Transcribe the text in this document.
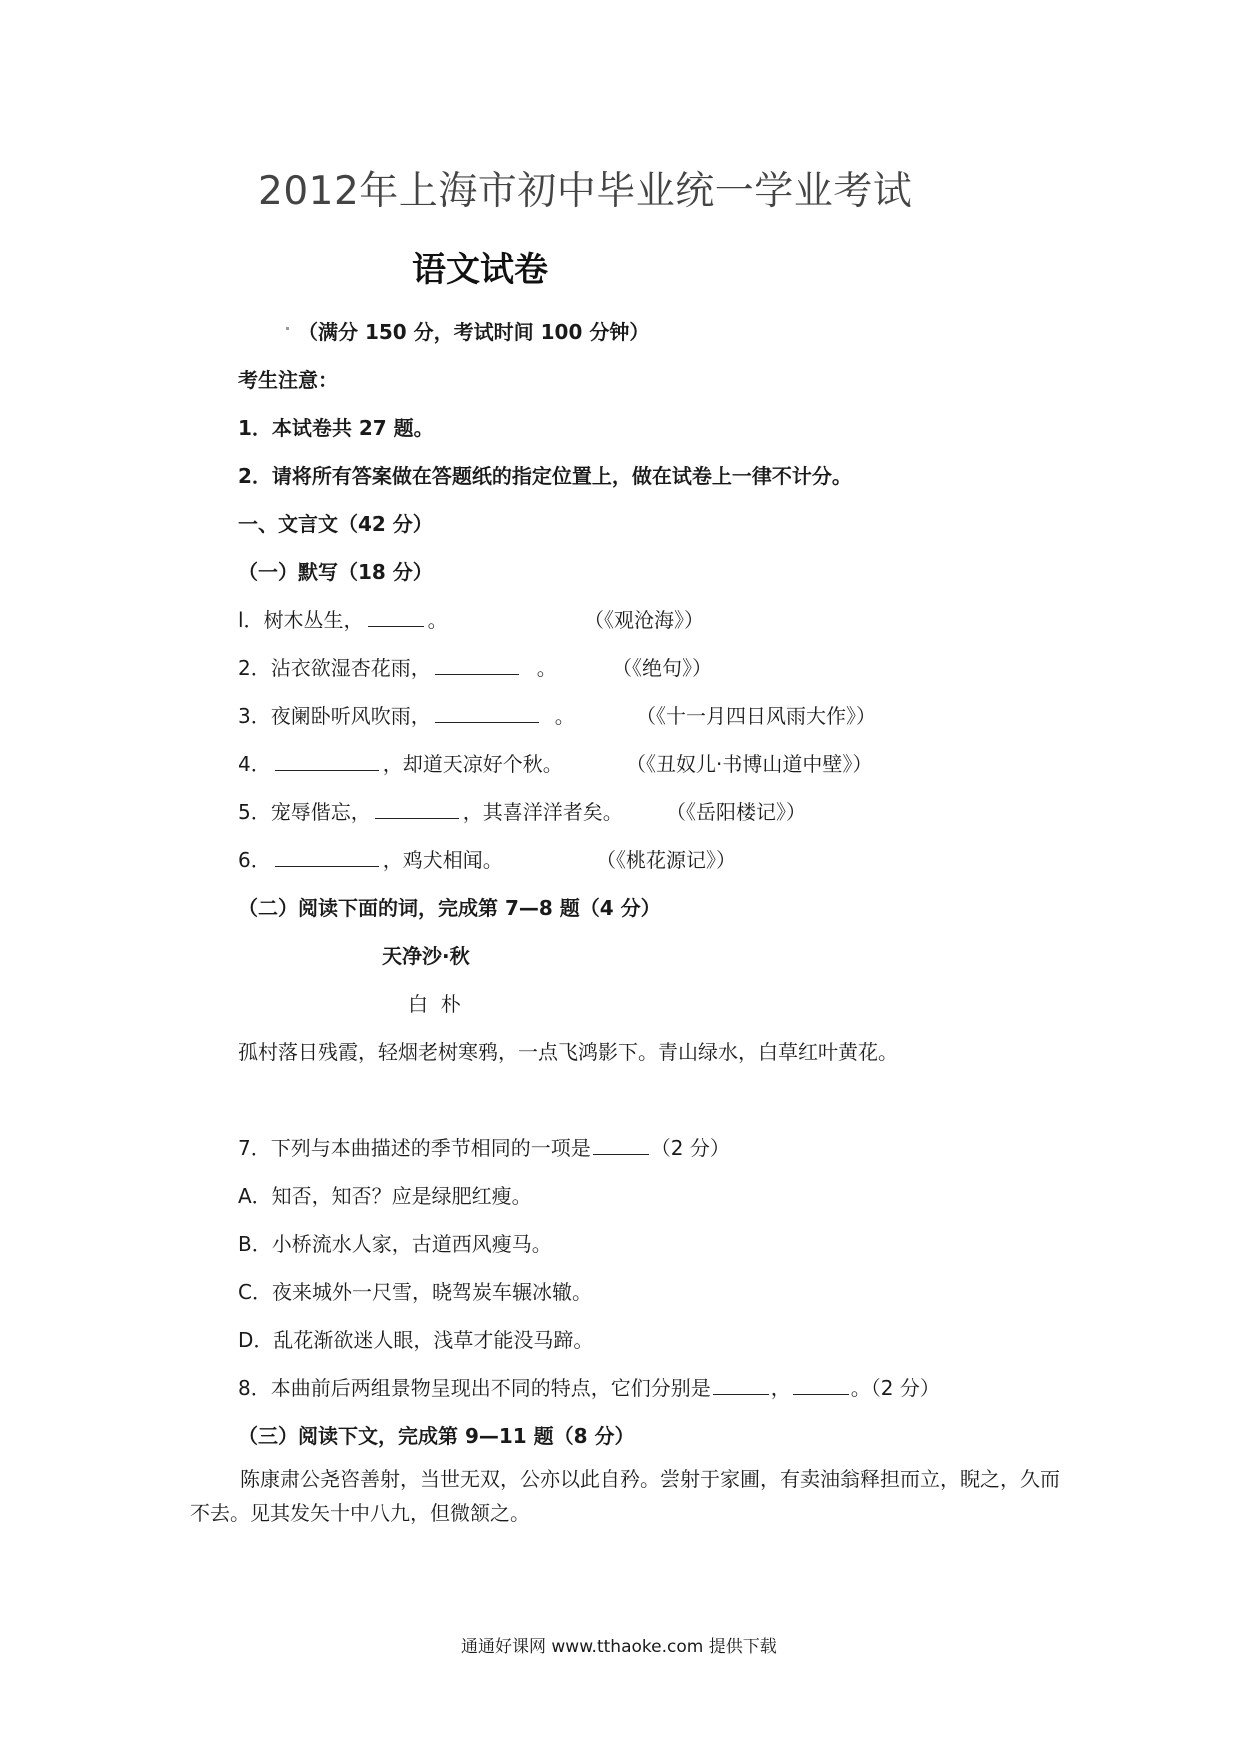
2012年上海市初中毕业统一学业考试
语文试卷
（满分 150 分，考试时间 100 分钟）
考生注意：
1．本试卷共 27 题。
2．请将所有答案做在答题纸的指定位置上，做在试卷上一律不计分。
一、文言文（42 分）
（一）默写（18 分）
l．树木丛生，	。	（《观沧海》）
2．沾衣欲湿杏花雨，	。	（《绝句》）
3．夜阑卧听风吹雨，	。	（《十一月四日风雨大作》）
4．	，却道天凉好个秋。	（《丑奴儿·书博山道中壁》）
5．宠辱偕忘，	，其喜洋洋者矣。 （《岳阳楼记》）
6．	，鸡犬相闻。	（《桃花源记》）
（二）阅读下面的词，完成第 7—8 题（4 分）
天净沙·秋
白  朴
孤村落日残霞，轻烟老树寒鸦，一点飞鸿影下。青山绿水，白草红叶黄花。
7．下列与本曲描述的季节相同的一项是	（2 分）
A．知否，知否？应是绿肥红瘦。
B．小桥流水人家，古道西风瘦马。
C．夜来城外一尺雪，晓驾炭车辗冰辙。
D．乱花渐欲迷人眼，浅草才能没马蹄。
8．本曲前后两组景物呈现出不同的特点，它们分别是	，	。（2 分）
（三）阅读下文，完成第 9—11 题（8 分）
陈康肃公尧咨善射，当世无双，公亦以此自矜。尝射于家圃，有卖油翁释担而立，睨之，久而不去。见其发矢十中八九，但微颔之。
通通好课网 www.tthaoke.com 提供下载
